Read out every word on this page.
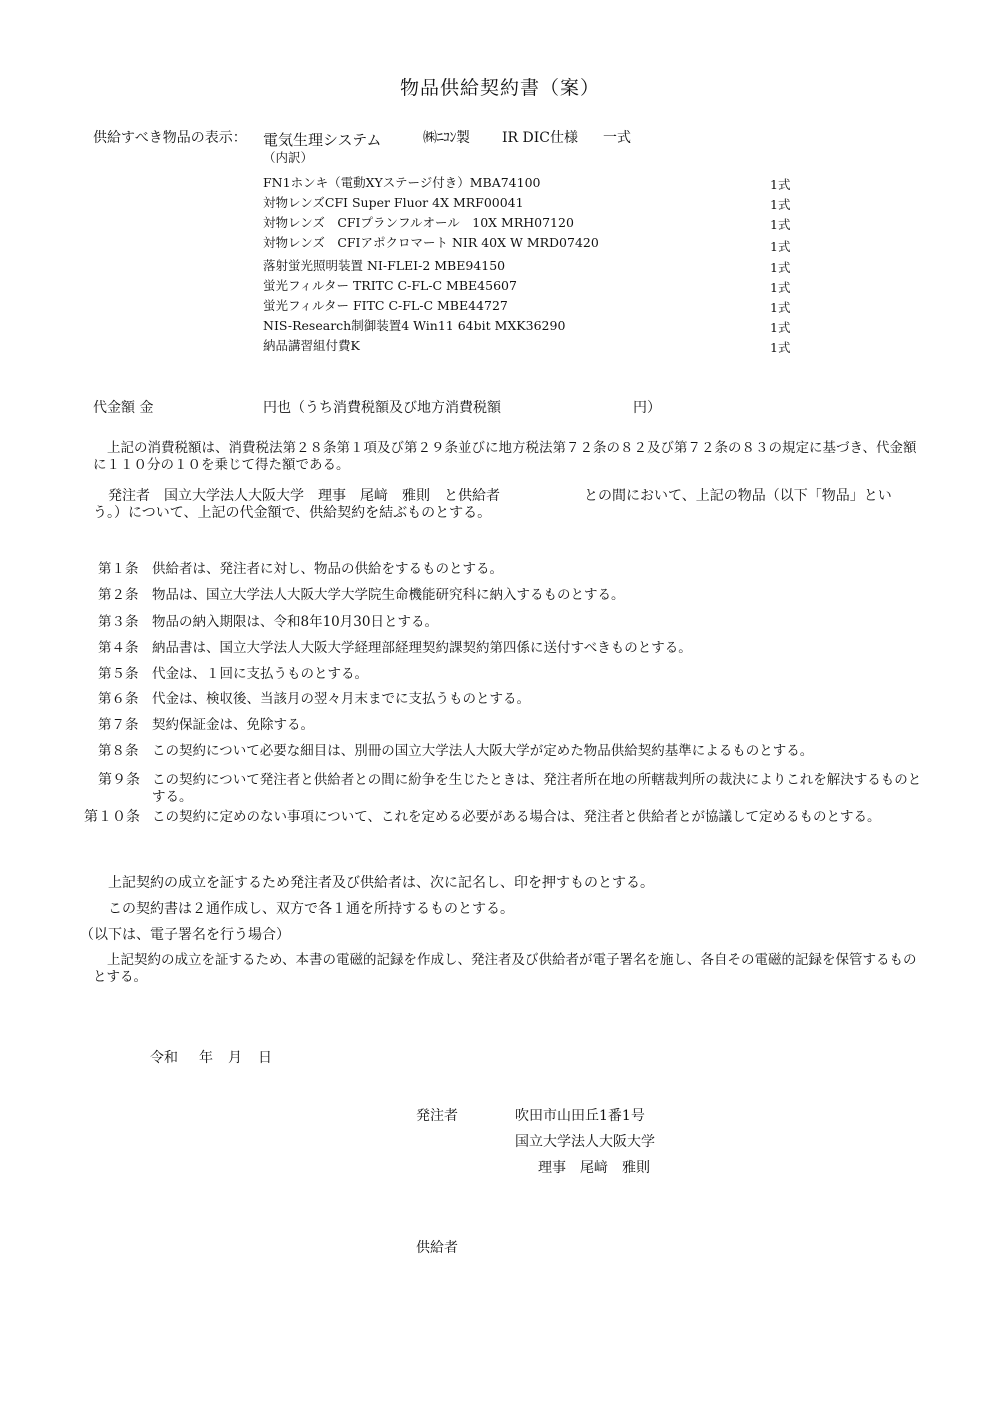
物品供給契約書（案）
供給すべき物品の表示： 電気生理システム	㈱ﾆｺﾝ製 IR DIC仕様 一式
（内訳）
FN1ホンキ（電動XYステージ付き）MBA74100	1式
対物レンズCFI Super Fluor 4X MRF00041	1式
対物レンズ　CFIプランフルオール　10X MRH07120	1式
対物レンズ　CFIアポクロマート NIR 40X W MRD07420	1式
落射蛍光照明装置 NI-FLEI-2 MBE94150	1式
蛍光フィルター TRITC C-FL-C MBE45607	1式
蛍光フィルター FITC C-FL-C MBE44727	1式
NIS-Research制御装置4 Win11 64bit MXK36290	1式
納品講習組付費K	1式
代金額 金	円也（うち消費税額及び地方消費税額	円）
上記の消費税額は、消費税法第２８条第１項及び第２９条並びに地方税法第７２条の８２及び第７２条の８３の規定に基づき、代金額に１１０分の１０を乗じて得た額である。
発注者　国立大学法人大阪大学　理事　尾﨑　雅則　と供給者	との間において、上記の物品（以下「物品」とい
う。）について、上記の代金額で、供給契約を結ぶものとする。
第１条 供給者は、発注者に対し、物品の供給をするものとする。
第２条 物品は、国立大学法人大阪大学大学院生命機能研究科に納入するものとする。
第３条 物品の納入期限は、令和8年10月30日とする。
第４条 納品書は、国立大学法人大阪大学経理部経理契約課契約第四係に送付すべきものとする。
第５条 代金は、１回に支払うものとする。
第６条 代金は、検収後、当該月の翌々月末までに支払うものとする。
第７条 契約保証金は、免除する。
第８条 この契約について必要な細目は、別冊の国立大学法人大阪大学が定めた物品供給契約基準によるものとする。
第９条 この契約について発注者と供給者との間に紛争を生じたときは、発注者所在地の所轄裁判所の裁決によりこれを解決するものとする。
第１０条 この契約に定めのない事項について、これを定める必要がある場合は、発注者と供給者とが協議して定めるものとする。
上記契約の成立を証するため発注者及び供給者は、次に記名し、印を押すものとする。
この契約書は２通作成し、双方で各１通を所持するものとする。
（以下は、電子署名を行う場合）
上記契約の成立を証するため、本書の電磁的記録を作成し、発注者及び供給者が電子署名を施し、各自その電磁的記録を保管するものとする。
令和 年 月 日
発注者	吹田市山田丘1番1号
国立大学法人大阪大学
理事　尾﨑　雅則
供給者
